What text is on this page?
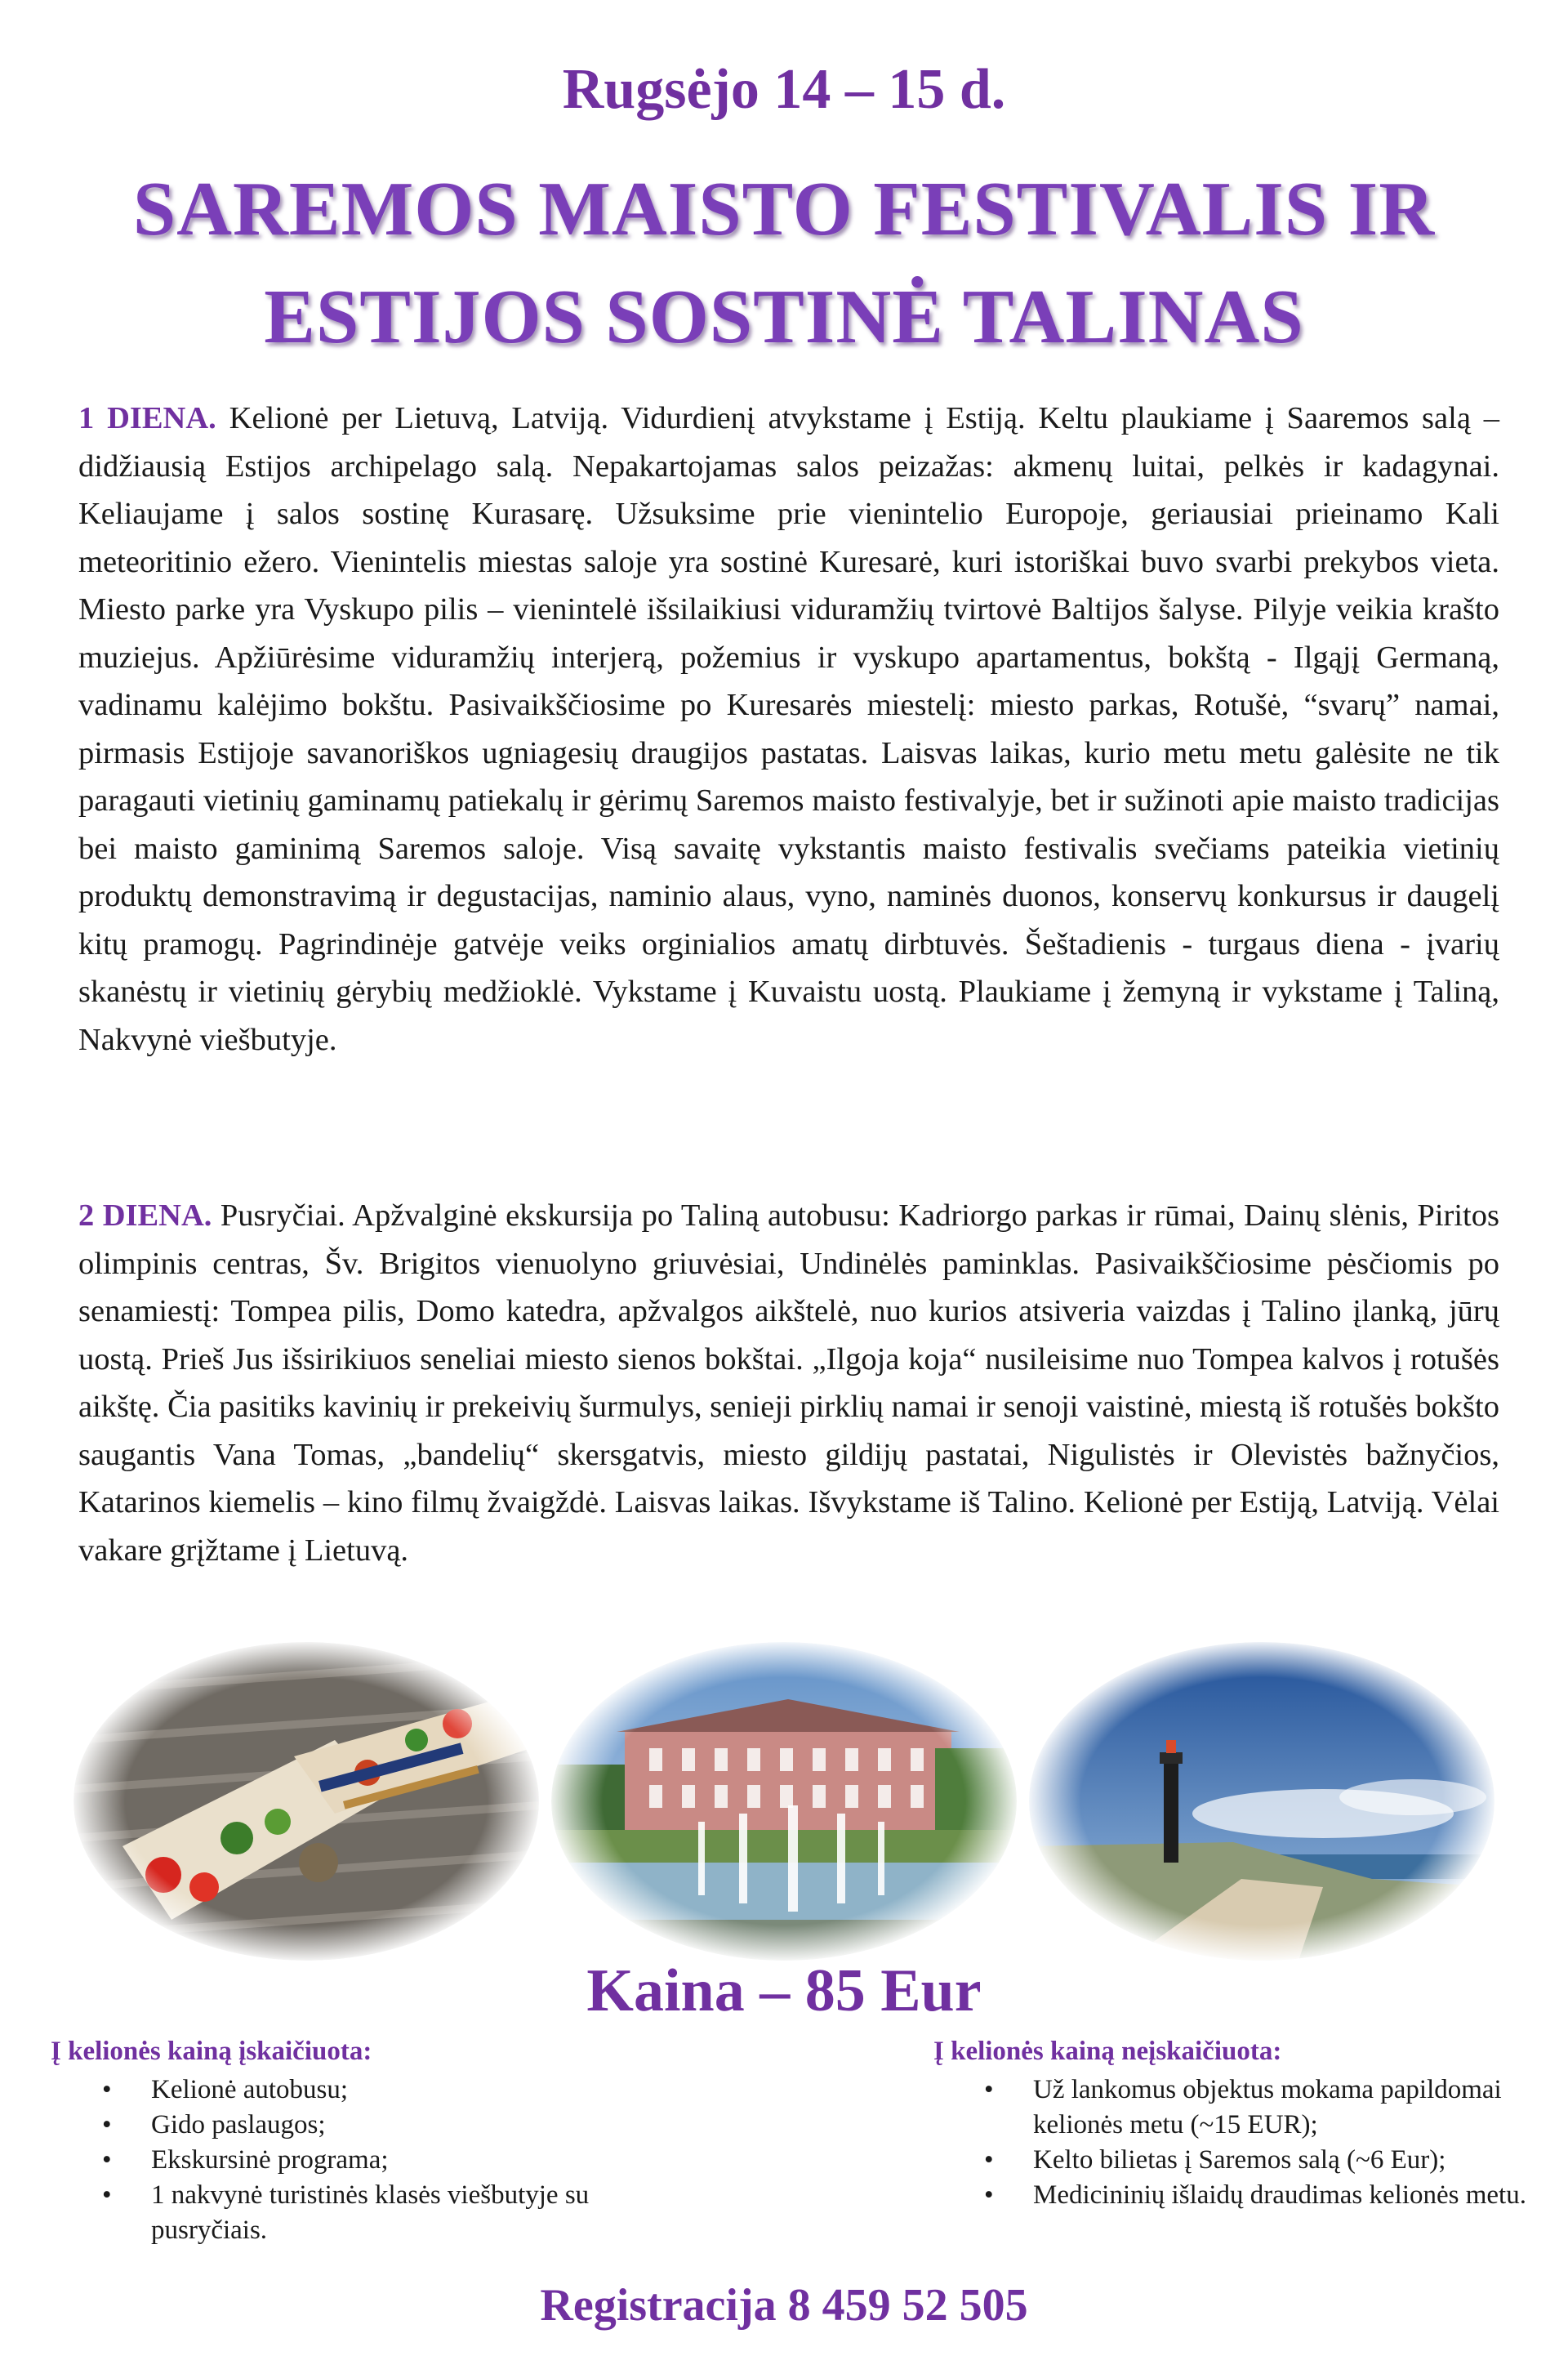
Rugsėjo 14 – 15 d.
SAREMOS MAISTO FESTIVALIS IR
ESTIJOS SOSTINĖ TALINAS

1 DIENA. Kelionė per Lietuvą, Latviją. Vidurdienį atvykstame į Estiją. Keltu plaukiame į Saaremos salą – didžiausią Estijos archipelago salą. Nepakartojamas salos peizažas: akmenų luitai, pelkės ir kadagynai. Keliaujame į salos sostinę Kurasarę. Užsuksime prie vienintelio Europoje, geriausiai prieinamo Kali meteoritinio ežero. Vienintelis miestas saloje yra sostinė Kuresarė, kuri istoriškai buvo svarbi prekybos vieta. Miesto parke yra Vyskupo pilis – vienintelė išsilaikiusi viduramžių tvirtovė Baltijos šalyse. Pilyje veikia krašto muziejus. Apžiūrėsime viduramžių interjerą, požemius ir vyskupo apartamentus, bokštą - Ilgąjį Germaną, vadinamu kalėjimo bokštu. Pasivaikščiosime po Kuresarės miestelį: miesto parkas, Rotušė, “svarų” namai, pirmasis Estijoje savanoriškos ugniagesių draugijos pastatas. Laisvas laikas, kurio metu metu galėsite ne tik paragauti vietinių gaminamų patiekalų ir gėrimų Saremos maisto festivalyje, bet ir sužinoti apie maisto tradicijas bei maisto gaminimą Saremos saloje. Visą savaitę vykstantis maisto festivalis svečiams pateikia vietinių produktų demonstravimą ir degustacijas, naminio alaus, vyno, naminės duonos, konservų konkursus ir daugelį kitų pramogų. Pagrindinėje gatvėje veiks orginialios amatų dirbtuvės. Šeštadienis - turgaus diena - įvarių skanėstų ir vietinių gėrybių medžioklė. Vykstame į Kuvaistu uostą. Plaukiame į žemyną ir vykstame į Taliną, Nakvynė viešbutyje.

2 DIENA. Pusryčiai. Apžvalginė ekskursija po Taliną autobusu: Kadriorgo parkas ir rūmai, Dainų slėnis, Piritos olimpinis centras, Šv. Brigitos vienuolyno griuvėsiai, Undinėlės paminklas. Pasivaikščiosime pėsčiomis po senamiestį: Tompea pilis, Domo katedra, apžvalgos aikštelė, nuo kurios atsiveria vaizdas į Talino įlanką, jūrų uostą. Prieš Jus išsirikiuos seneliai miesto sienos bokštai. „Ilgoja koja“ nusileisime nuo Tompea kalvos į rotušės aikštę. Čia pasitiks kavinių ir prekeivių šurmulys, senieji pirklių namai ir senoji vaistinė, miestą iš rotušės bokšto saugantis Vana Tomas, „bandelių“ skersgatvis, miesto gildijų pastatai, Nigulistės ir Olevistės bažnyčios, Katarinos kiemelis – kino filmų žvaigždė. Laisvas laikas. Išvykstame iš Talino. Kelionė per Estiją, Latviją. Vėlai vakare grįžtame į Lietuvą.

Kaina – 85 Eur
Į kelionės kainą įskaičiuota:
• Kelionė autobusu;
• Gido paslaugos;
• Ekskursinė programa;
• 1 nakvynė turistinės klasės viešbutyje su pusryčiais.
Į kelionės kainą neįskaičiuota:
• Už lankomus objektus mokama papildomai kelionės metu (~15 EUR);
• Kelto bilietas į Saremos salą (~6 Eur);
• Medicininių išlaidų draudimas kelionės metu.
Registracija 8 459 52 505
